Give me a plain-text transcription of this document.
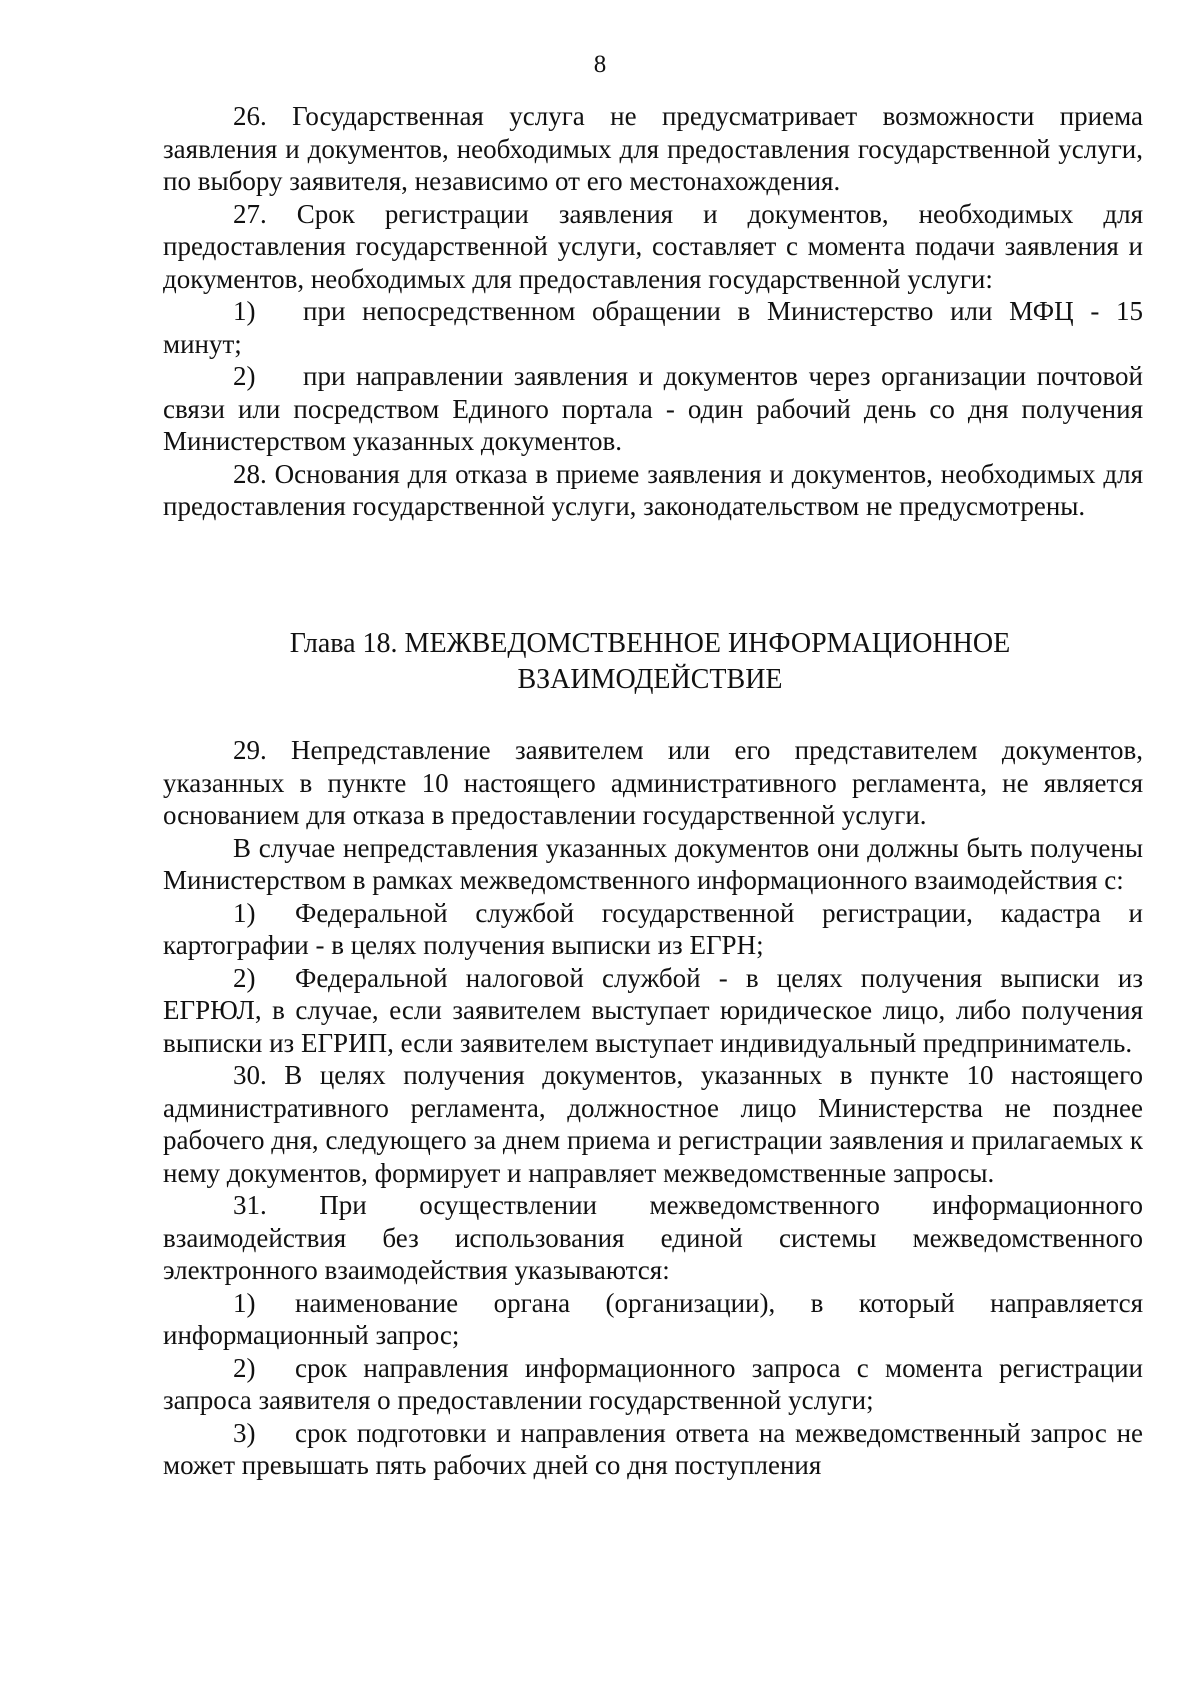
8

26. Государственная услуга не предусматривает возможности приема заявления и документов, необходимых для предоставления государственной услуги, по выбору заявителя, независимо от его местонахождения.

27. Срок регистрации заявления и документов, необходимых для предоставления государственной услуги, составляет с момента подачи заявления и документов, необходимых для предоставления государственной услуги:

1) при непосредственном обращении в Министерство или МФЦ - 15 минут;

2) при направлении заявления и документов через организации почтовой связи или посредством Единого портала - один рабочий день со дня получения Министерством указанных документов.

28. Основания для отказа в приеме заявления и документов, необходимых для предоставления государственной услуги, законодательством не предусмотрены.

Глава 18. МЕЖВЕДОМСТВЕННОЕ ИНФОРМАЦИОННОЕ
ВЗАИМОДЕЙСТВИЕ

29. Непредставление заявителем или его представителем документов, указанных в пункте 10 настоящего административного регламента, не является основанием для отказа в предоставлении государственной услуги.

В случае непредставления указанных документов они должны быть получены Министерством в рамках межведомственного информационного взаимодействия с:

1) Федеральной службой государственной регистрации, кадастра и картографии - в целях получения выписки из ЕГРН;

2) Федеральной налоговой службой - в целях получения выписки из ЕГРЮЛ, в случае, если заявителем выступает юридическое лицо, либо получения выписки из ЕГРИП, если заявителем выступает индивидуальный предприниматель.

30. В целях получения документов, указанных в пункте 10 настоящего административного регламента, должностное лицо Министерства не позднее рабочего дня, следующего за днем приема и регистрации заявления и прилагаемых к нему документов, формирует и направляет межведомственные запросы.

31. При осуществлении межведомственного информационного взаимодействия без использования единой системы межведомственного электронного взаимодействия указываются:

1) наименование органа (организации), в который направляется информационный запрос;

2) срок направления информационного запроса с момента регистрации запроса заявителя о предоставлении государственной услуги;

3) срок подготовки и направления ответа на межведомственный запрос не может превышать пять рабочих дней со дня поступления
